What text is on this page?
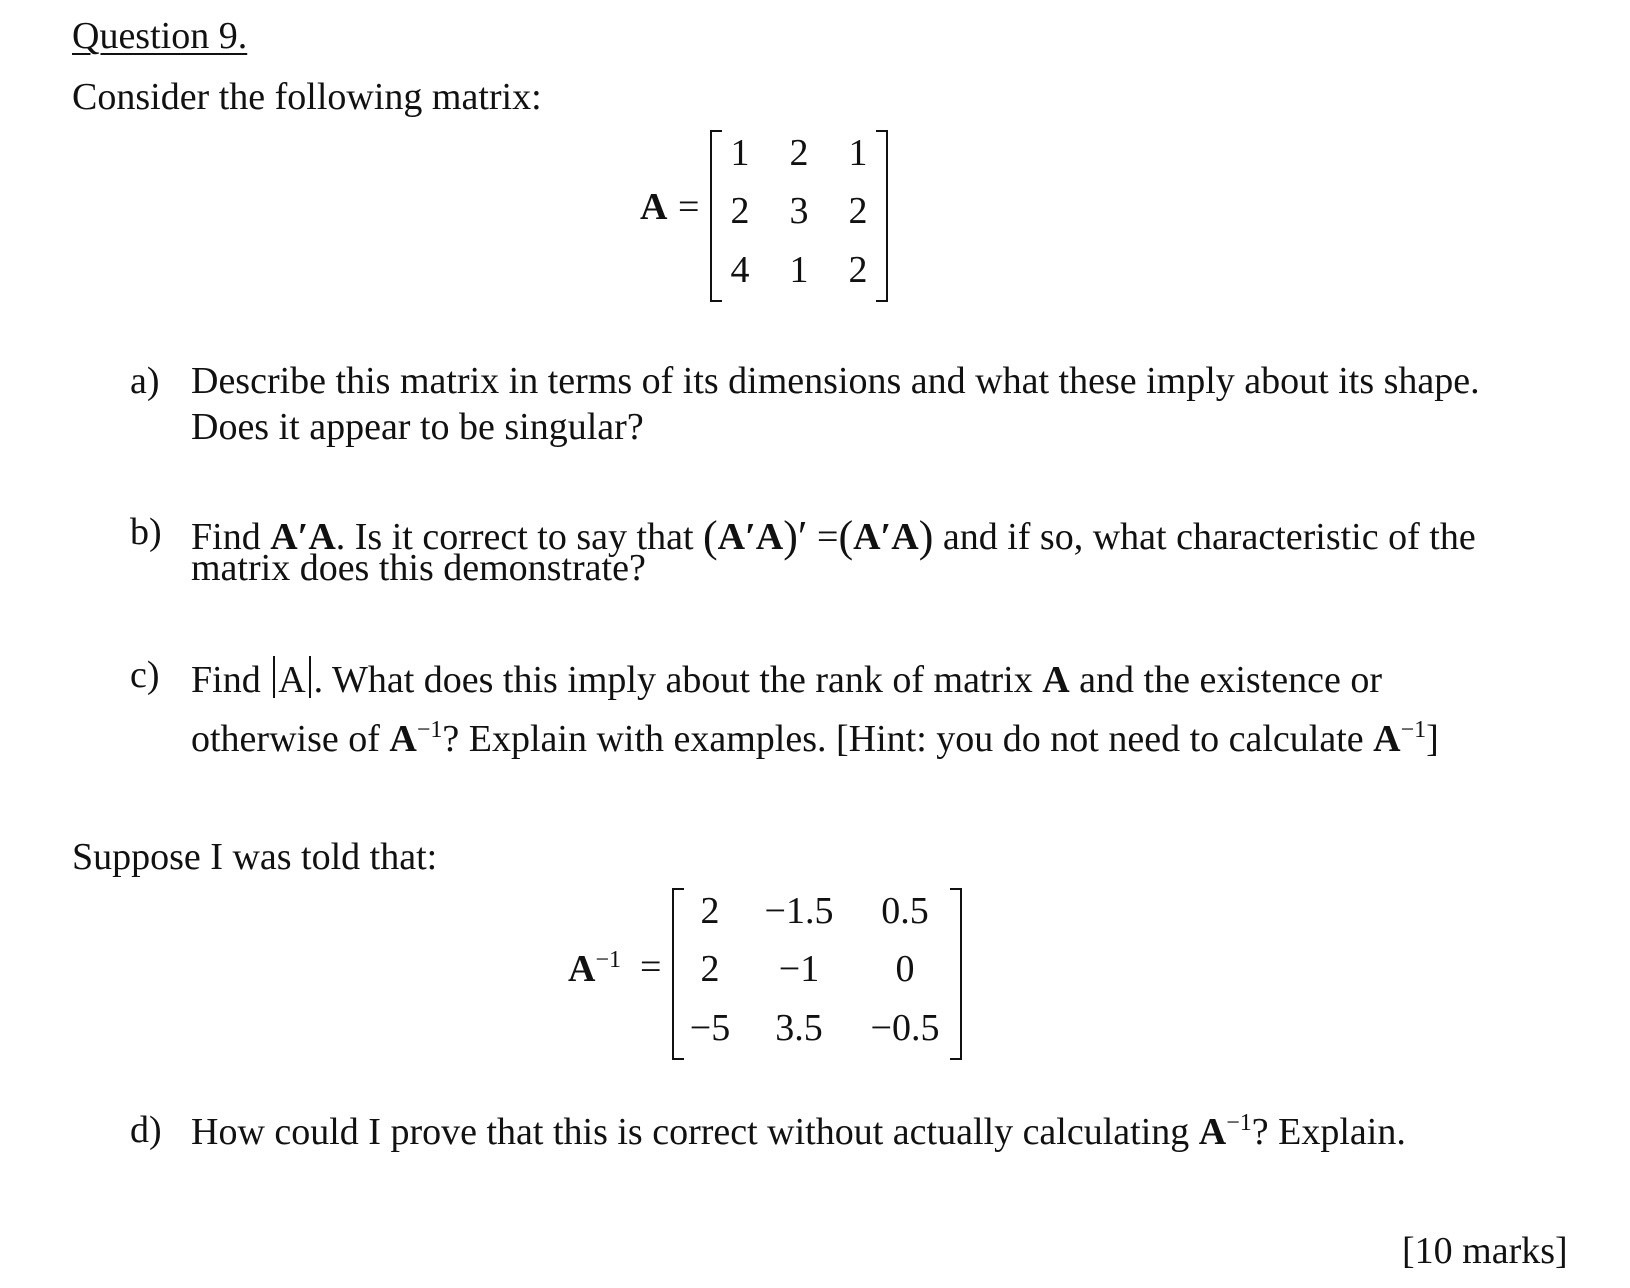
Question 9.
Consider the following matrix:
A =
1	2	1
2	3	2
4	1	2
a) Describe this matrix in terms of its dimensions and what these imply about its shape.
Does it appear to be singular?
b) Find A′A. Is it correct to say that (A′A)′ =(A′A) and if so, what characteristic of the
matrix does this demonstrate?
c) Find A . What does this imply about the rank of matrix A and the existence or
otherwise of $A^{-1}$? Explain with examples. [Hint: you do not need to calculate $A^{-1}$]
Suppose I was told that:
$A^{-1}$ =
2	−1.5	0.5
2	−1	0
−5	3.5	−0.5
d) How could I prove that this is correct without actually calculating $A^{-1}$? Explain.
[10 marks]
